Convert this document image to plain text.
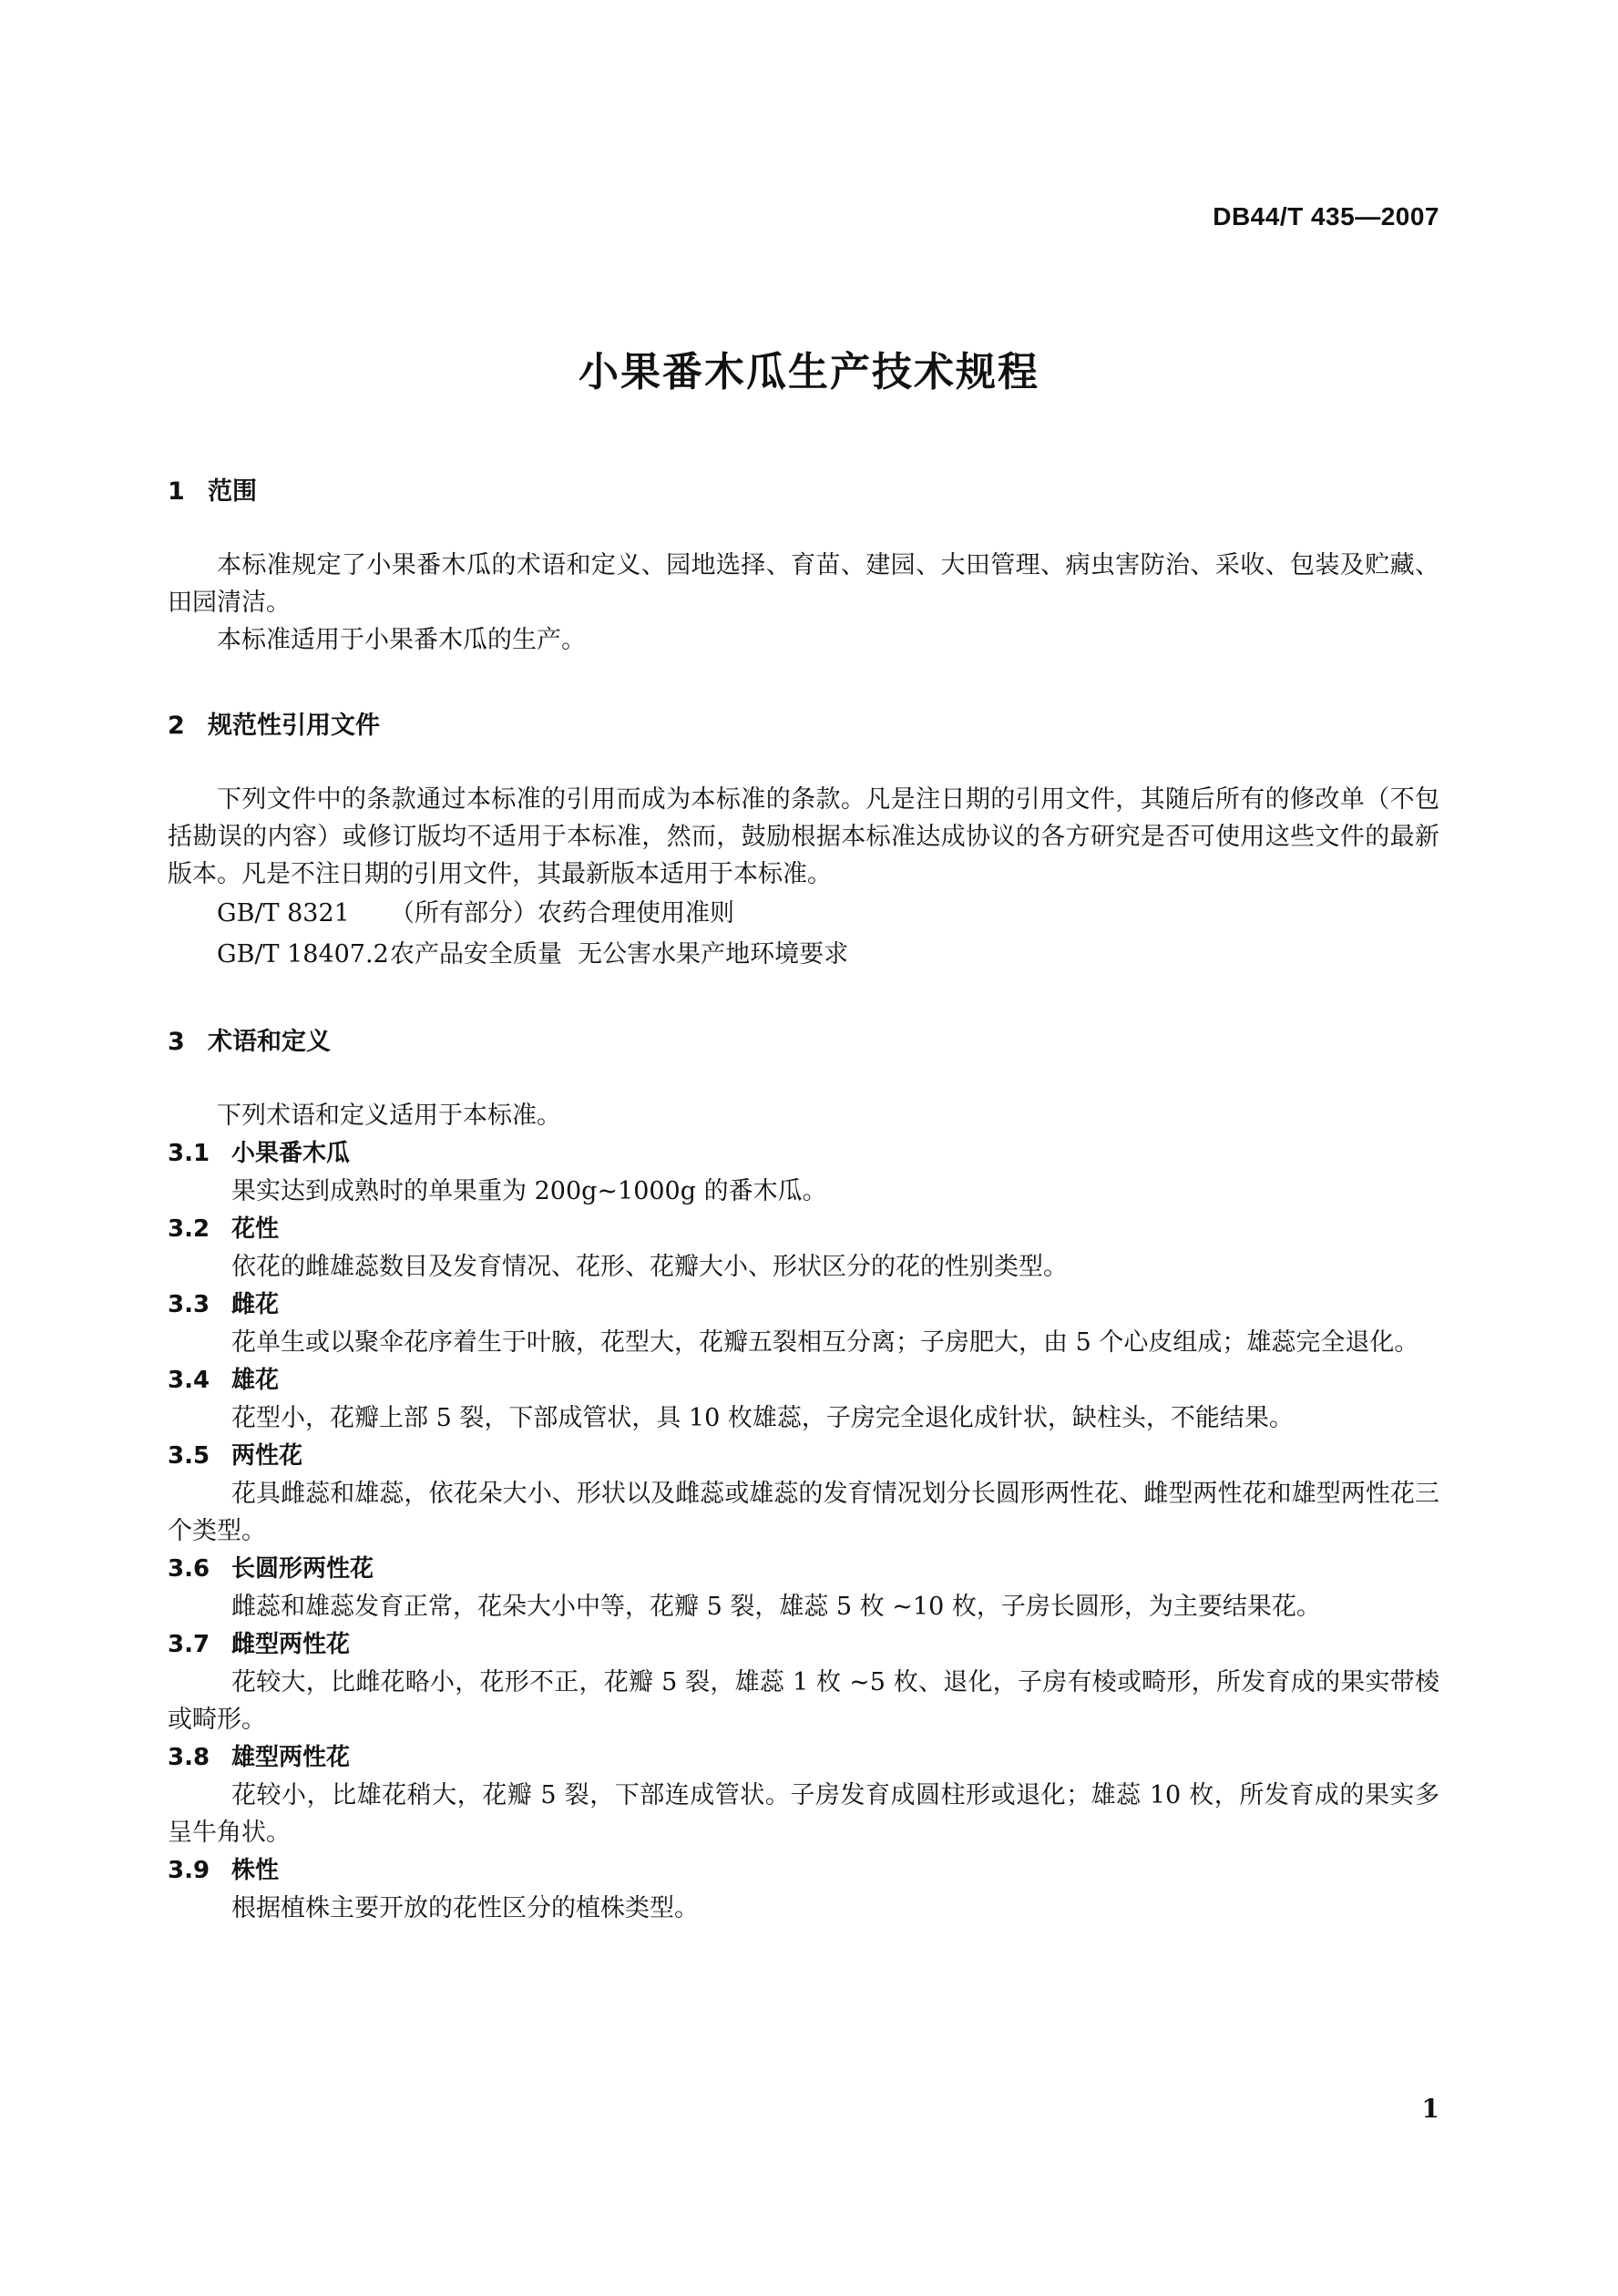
DB44/T 435—2007
小果番木瓜生产技术规程
1 范围

本标准规定了小果番木瓜的术语和定义、园地选择、育苗、建园、大田管理、病虫害防治、采收、包装及贮藏、田园清洁。

本标准适用于小果番木瓜的生产。

2 规范性引用文件

下列文件中的条款通过本标准的引用而成为本标准的条款。凡是注日期的引用文件，其随后所有的修改单（不包括勘误的内容）或修订版均不适用于本标准，然而，鼓励根据本标准达成协议的各方研究是否可使用这些文件的最新版本。凡是不注日期的引用文件，其最新版本适用于本标准。

GB/T 8321 （所有部分）农药合理使用准则

GB/T 18407.2农产品安全质量  无公害水果产地环境要求

3 术语和定义

下列术语和定义适用于本标准。

3.1 小果番木瓜

果实达到成熟时的单果重为 200g~1000g 的番木瓜。

3.2 花性

依花的雌雄蕊数目及发育情况、花形、花瓣大小、形状区分的花的性别类型。

3.3 雌花

花单生或以聚伞花序着生于叶腋，花型大，花瓣五裂相互分离；子房肥大，由 5 个心皮组成；雄蕊完全退化。

3.4 雄花

花型小，花瓣上部 5 裂，下部成管状，具 10 枚雄蕊，子房完全退化成针状，缺柱头，不能结果。

3.5 两性花

花具雌蕊和雄蕊，依花朵大小、形状以及雌蕊或雄蕊的发育情况划分长圆形两性花、雌型两性花和雄型两性花三个类型。

3.6 长圆形两性花

雌蕊和雄蕊发育正常，花朵大小中等，花瓣 5 裂，雄蕊 5 枚 ~10 枚，子房长圆形，为主要结果花。

3.7 雌型两性花

花较大，比雌花略小，花形不正，花瓣 5 裂，雄蕊 1 枚 ~5 枚、退化，子房有棱或畸形，所发育成的果实带棱或畸形。

3.8 雄型两性花

花较小，比雄花稍大，花瓣 5 裂，下部连成管状。子房发育成圆柱形或退化；雄蕊 10 枚，所发育成的果实多呈牛角状。

3.9 株性

根据植株主要开放的花性区分的植株类型。

1
